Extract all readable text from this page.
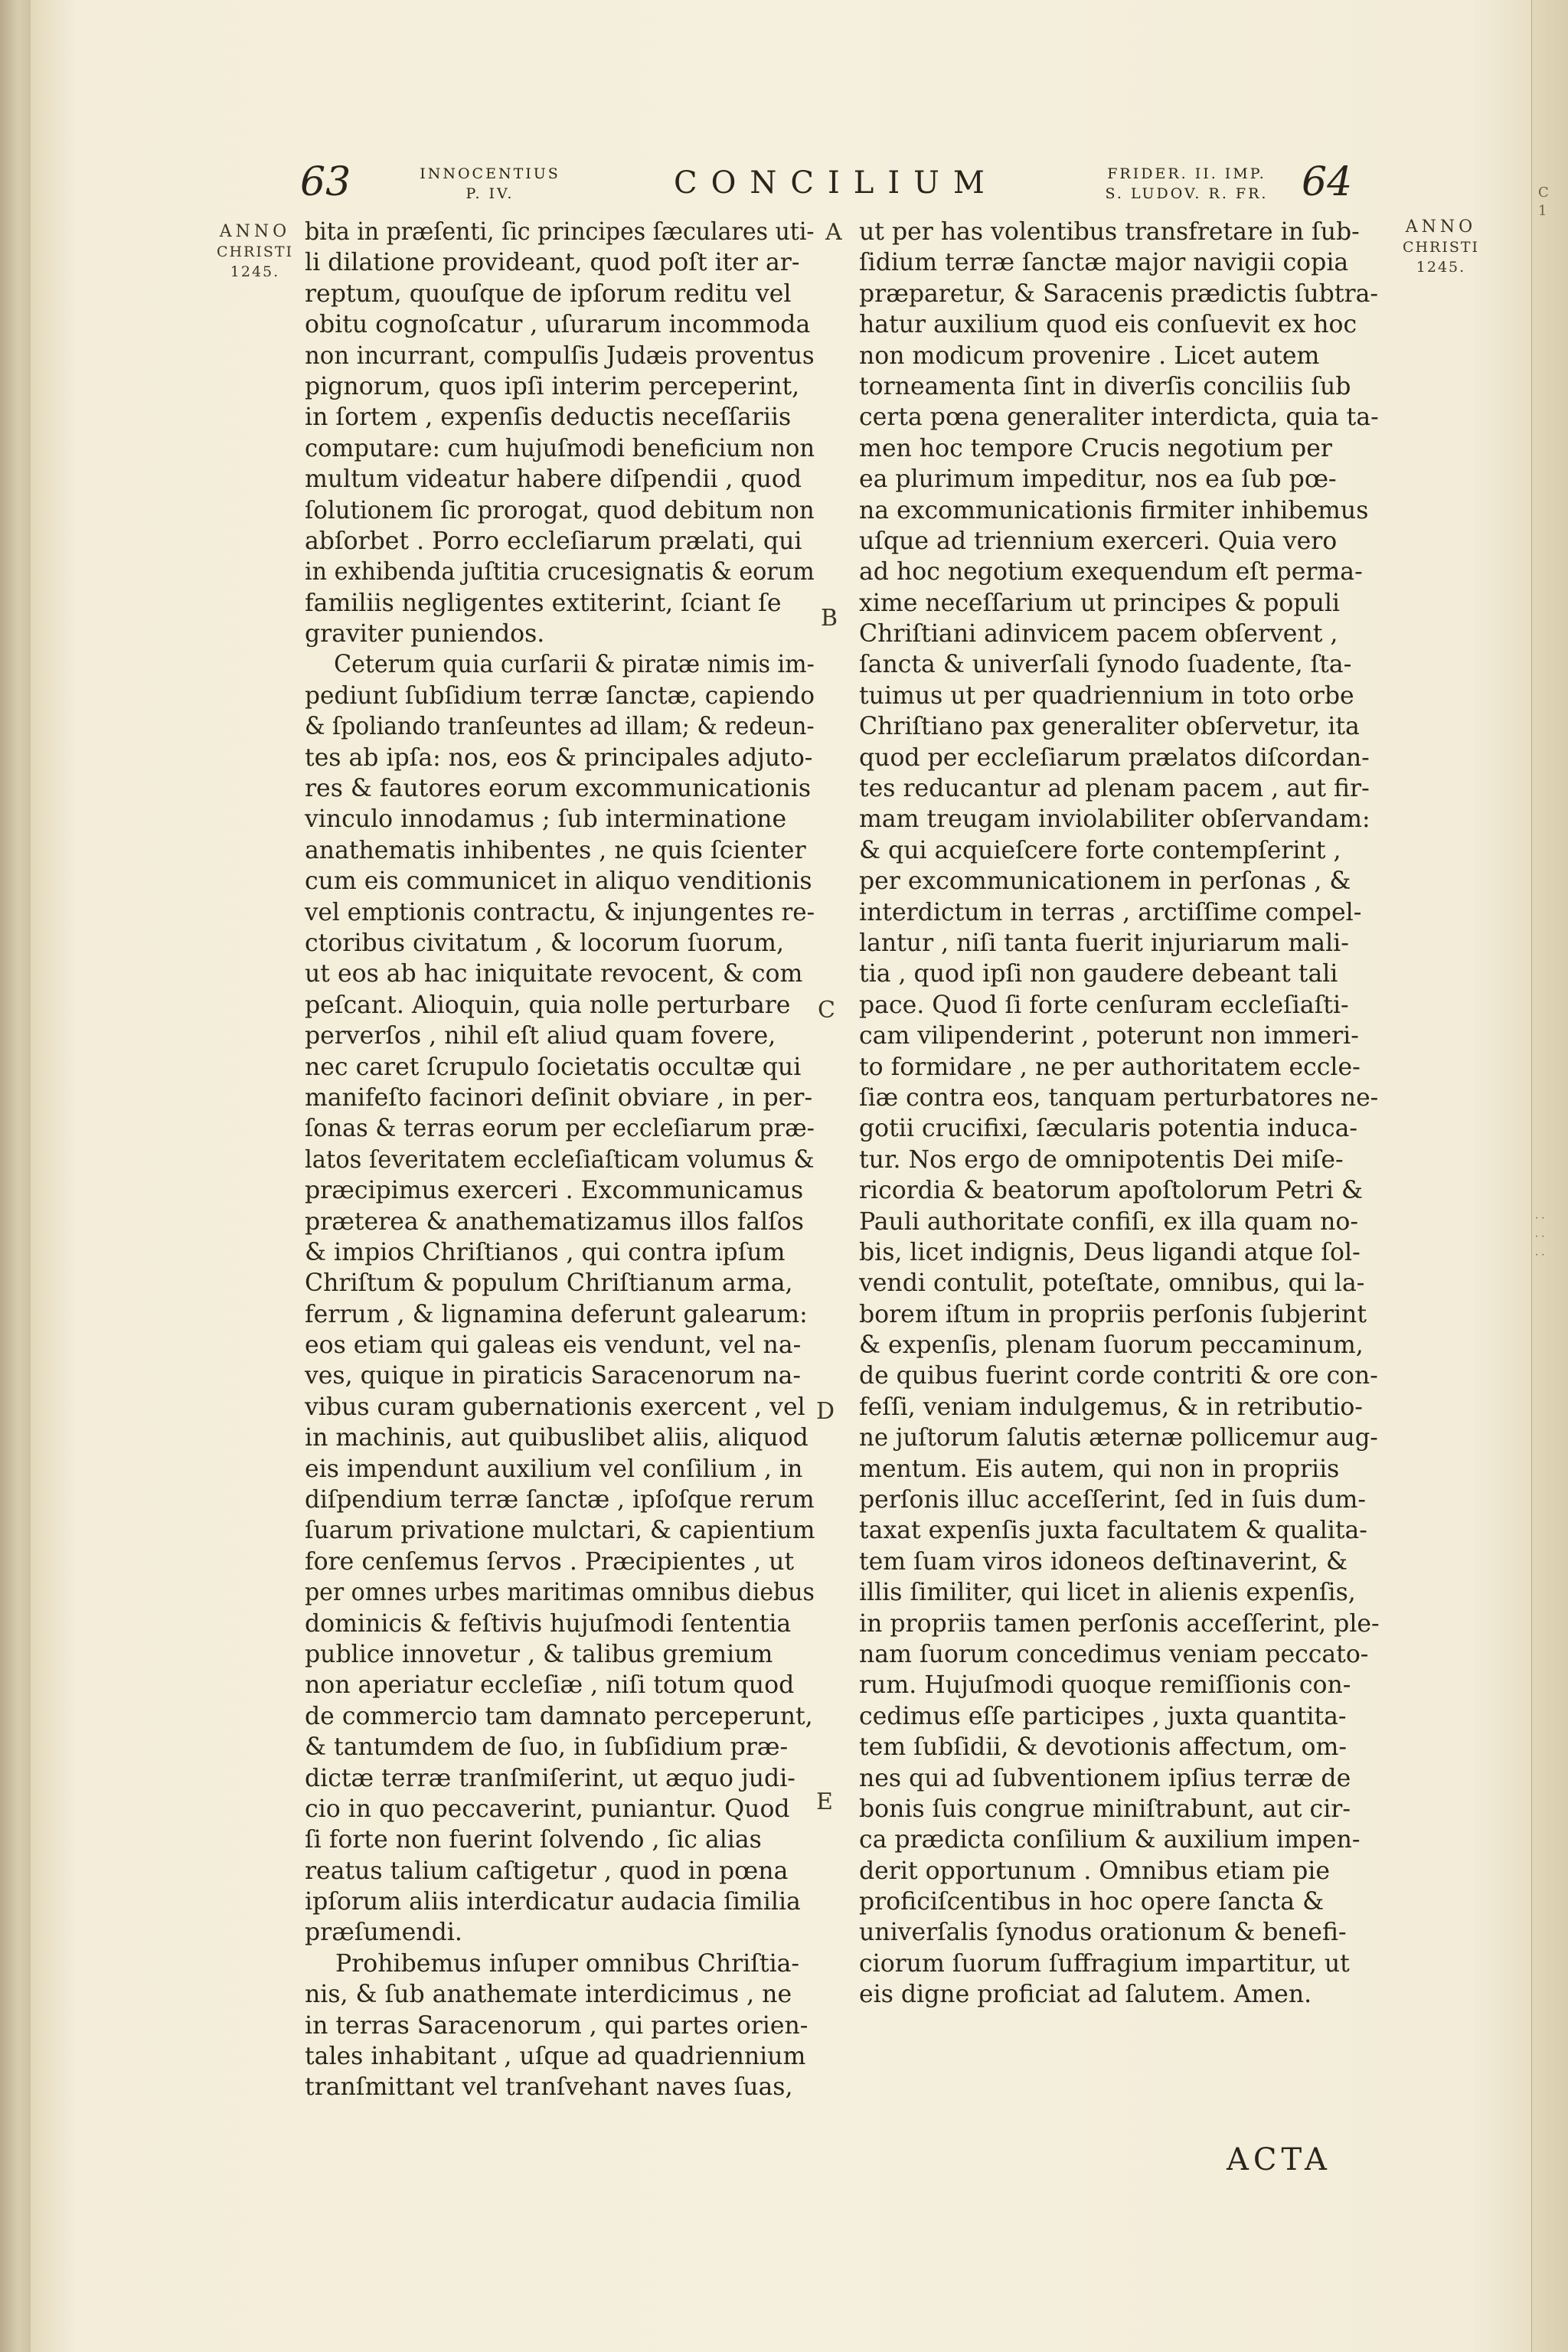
C
1
· ·
· ·
· ·
63	INNOCENTIUS
P. IV.	CONCILIUM	FRIDER. II. IMP.
S. LUDOV. R. FR. 64
ANNO
CHRISTI
1245.
ANNO
CHRISTI
1245.
A
B
C
D
E
bita in præſenti, ſic principes ſæculares uti-
li dilatione provideant, quod poſt iter ar-
reptum, quouſque de ipſorum reditu vel
obitu cognoſcatur , uſurarum incommoda
non incurrant, compulſis Judæis proventus
pignorum, quos ipſi interim perceperint,
in ſortem , expenſis deductis neceſſariis
computare: cum hujuſmodi beneficium non
multum videatur habere diſpendii , quod
ſolutionem ſic prorogat, quod debitum non
abſorbet . Porro eccleſiarum prælati, qui
in exhibenda juſtitia crucesignatis & eorum
familiis negligentes extiterint, ſciant ſe
graviter puniendos.
Ceterum quia curſarii & piratæ nimis im-
pediunt ſubſidium terræ ſanctæ, capiendo
& ſpoliando tranſeuntes ad illam; & redeun-
tes ab ipſa: nos, eos & principales adjuto-
res & fautores eorum excommunicationis
vinculo innodamus ; ſub interminatione
anathematis inhibentes , ne quis ſcienter
cum eis communicet in aliquo venditionis
vel emptionis contractu, & injungentes re-
ctoribus civitatum , & locorum ſuorum,
ut eos ab hac iniquitate revocent, & com
peſcant. Alioquin, quia nolle perturbare
perverſos , nihil eſt aliud quam fovere,
nec caret ſcrupulo ſocietatis occultæ qui
manifeſto facinori deſinit obviare , in per-
ſonas & terras eorum per eccleſiarum præ-
latos ſeveritatem eccleſiaſticam volumus &
præcipimus exerceri . Excommunicamus
præterea & anathematizamus illos falſos
& impios Chriſtianos , qui contra ipſum
Chriſtum & populum Chriſtianum arma,
ferrum , & lignamina deferunt galearum:
eos etiam qui galeas eis vendunt, vel na-
ves, quique in piraticis Saracenorum na-
vibus curam gubernationis exercent , vel
in machinis, aut quibuslibet aliis, aliquod
eis impendunt auxilium vel conſilium , in
diſpendium terræ ſanctæ , ipſoſque rerum
ſuarum privatione mulctari, & capientium
fore cenſemus ſervos . Præcipientes , ut
per omnes urbes maritimas omnibus diebus
dominicis & feſtivis hujuſmodi ſententia
publice innovetur , & talibus gremium
non aperiatur eccleſiæ , niſi totum quod
de commercio tam damnato perceperunt,
& tantumdem de ſuo, in ſubſidium præ-
dictæ terræ tranſmiſerint, ut æquo judi-
cio in quo peccaverint, puniantur. Quod
ſi forte non fuerint ſolvendo , ſic alias
reatus talium caſtigetur , quod in pœna
ipſorum aliis interdicatur audacia ſimilia
præſumendi.
Prohibemus inſuper omnibus Chriſtia-
nis, & ſub anathemate interdicimus , ne
in terras Saracenorum , qui partes orien-
tales inhabitant , uſque ad quadriennium
tranſmittant vel tranſvehant naves ſuas,
ut per has volentibus transfretare in ſub-
ſidium terræ ſanctæ major navigii copia
præparetur, & Saracenis prædictis ſubtra-
hatur auxilium quod eis conſuevit ex hoc
non modicum provenire . Licet autem
torneamenta ſint in diverſis conciliis ſub
certa pœna generaliter interdicta, quia ta-
men hoc tempore Crucis negotium per
ea plurimum impeditur, nos ea ſub pœ-
na excommunicationis firmiter inhibemus
uſque ad triennium exerceri. Quia vero
ad hoc negotium exequendum eſt perma-
xime neceſſarium ut principes & populi
Chriſtiani adinvicem pacem obſervent ,
ſancta & univerſali ſynodo ſuadente, ſta-
tuimus ut per quadriennium in toto orbe
Chriſtiano pax generaliter obſervetur, ita
quod per eccleſiarum prælatos diſcordan-
tes reducantur ad plenam pacem , aut fir-
mam treugam inviolabiliter obſervandam:
& qui acquieſcere forte contempſerint ,
per excommunicationem in perſonas , &
interdictum in terras , arctiſſime compel-
lantur , niſi tanta fuerit injuriarum mali-
tia , quod ipſi non gaudere debeant tali
pace. Quod ſi forte cenſuram eccleſiaſti-
cam vilipenderint , poterunt non immeri-
to formidare , ne per authoritatem eccle-
ſiæ contra eos, tanquam perturbatores ne-
gotii crucifixi, ſæcularis potentia induca-
tur. Nos ergo de omnipotentis Dei miſe-
ricordia & beatorum apoſtolorum Petri &
Pauli authoritate confiſi, ex illa quam no-
bis, licet indignis, Deus ligandi atque ſol-
vendi contulit, poteſtate, omnibus, qui la-
borem iſtum in propriis perſonis ſubjerint
& expenſis, plenam ſuorum peccaminum,
de quibus fuerint corde contriti & ore con-
feſſi, veniam indulgemus, & in retributio-
ne juſtorum ſalutis æternæ pollicemur aug-
mentum. Eis autem, qui non in propriis
perſonis illuc acceſſerint, ſed in ſuis dum-
taxat expenſis juxta facultatem & qualita-
tem ſuam viros idoneos deſtinaverint, &
illis ſimiliter, qui licet in alienis expenſis,
in propriis tamen perſonis acceſſerint, ple-
nam ſuorum concedimus veniam peccato-
rum. Hujuſmodi quoque remiſſionis con-
cedimus eſſe participes , juxta quantita-
tem ſubſidii, & devotionis affectum, om-
nes qui ad ſubventionem ipſius terræ de
bonis ſuis congrue miniſtrabunt, aut cir-
ca prædicta conſilium & auxilium impen-
derit opportunum . Omnibus etiam pie
proficiſcentibus in hoc opere ſancta &
univerſalis ſynodus orationum & benefi-
ciorum ſuorum ſuffragium impartitur, ut
eis digne proficiat ad ſalutem. Amen.
ACTA
